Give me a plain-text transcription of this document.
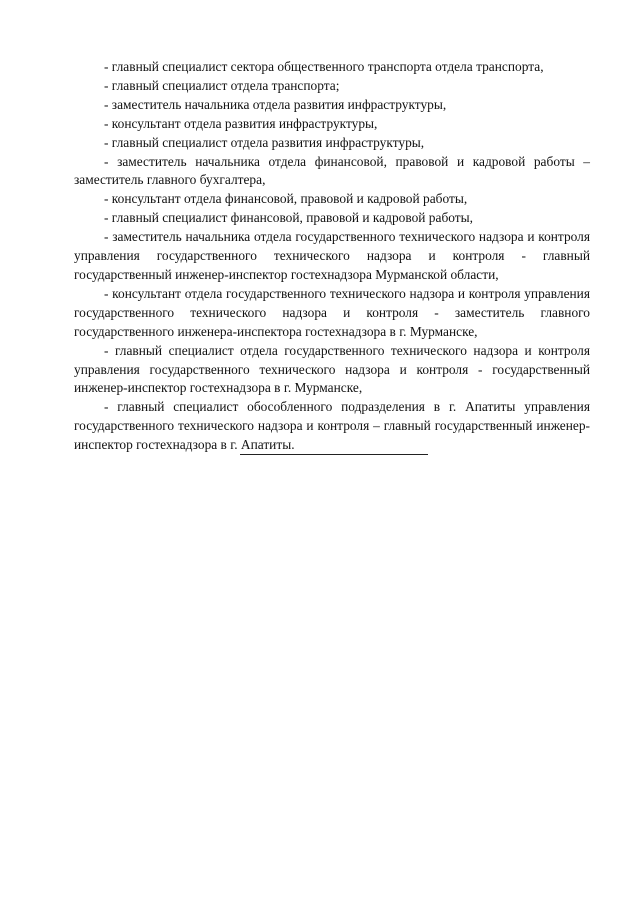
- главный специалист сектора общественного транспорта отдела транспорта,

- главный специалист отдела транспорта;

- заместитель начальника отдела развития инфраструктуры,

- консультант отдела развития инфраструктуры,

- главный специалист отдела развития инфраструктуры,

- заместитель начальника отдела финансовой, правовой и кадровой работы – заместитель главного бухгалтера,

- консультант отдела финансовой, правовой и кадровой работы,

- главный специалист финансовой, правовой и кадровой работы,

- заместитель начальника отдела государственного технического надзора и контроля управления государственного технического надзора и контроля - главный государственный инженер-инспектор гостехнадзора Мурманской области,

- консультант отдела государственного технического надзора и контроля управления государственного технического надзора и контроля - заместитель главного государственного инженера-инспектора гостехнадзора в г. Мурманске,

- главный специалист отдела государственного технического надзора и контроля управления государственного технического надзора и контроля - государственный инженер-инспектор гостехнадзора в г. Мурманске,

- главный специалист обособленного подразделения в г. Апатиты управления государственного технического надзора и контроля – главный государственный инженер-инспектор гостехнадзора в г. Апатиты.
